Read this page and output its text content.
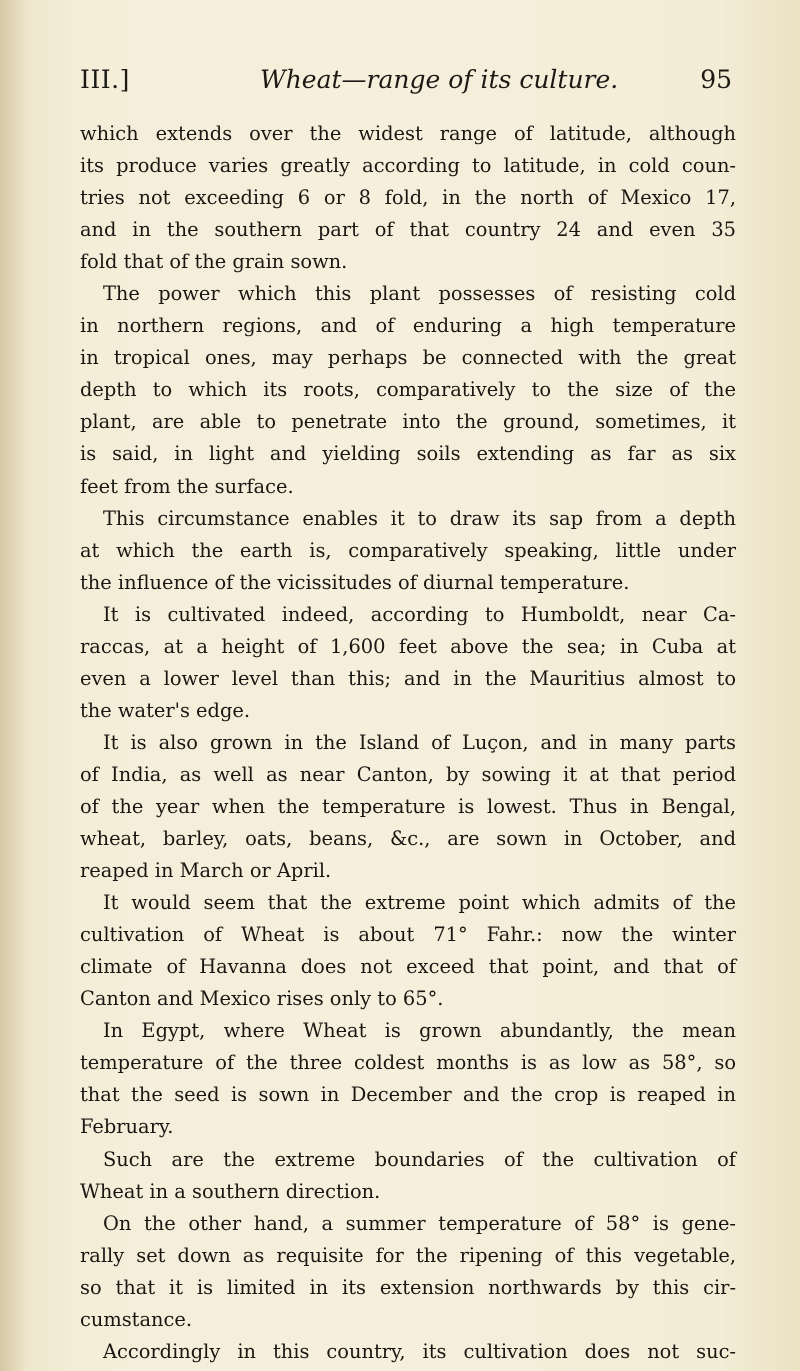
III.]	Wheat—range of its culture.	95
which extends over the widest range of latitude, although
its produce varies greatly according to latitude, in cold coun-
tries not exceeding 6 or 8 fold, in the north of Mexico 17,
and in the southern part of that country 24 and even 35
fold that of the grain sown.
The power which this plant possesses of resisting cold
in northern regions, and of enduring a high temperature
in tropical ones, may perhaps be connected with the great
depth to which its roots, comparatively to the size of the
plant, are able to penetrate into the ground, sometimes, it
is said, in light and yielding soils extending as far as six
feet from the surface.
This circumstance enables it to draw its sap from a depth
at which the earth is, comparatively speaking, little under
the influence of the vicissitudes of diurnal temperature.
It is cultivated indeed, according to Humboldt, near Ca-
raccas, at a height of 1,600 feet above the sea; in Cuba at
even a lower level than this; and in the Mauritius almost to
the water's edge.
It is also grown in the Island of Luçon, and in many parts
of India, as well as near Canton, by sowing it at that period
of the year when the temperature is lowest. Thus in Bengal,
wheat, barley, oats, beans, &c., are sown in October, and
reaped in March or April.
It would seem that the extreme point which admits of the
cultivation of Wheat is about 71° Fahr.: now the winter
climate of Havanna does not exceed that point, and that of
Canton and Mexico rises only to 65°.
In Egypt, where Wheat is grown abundantly, the mean
temperature of the three coldest months is as low as 58°, so
that the seed is sown in December and the crop is reaped in
February.
Such are the extreme boundaries of the cultivation of
Wheat in a southern direction.
On the other hand, a summer temperature of 58° is gene-
rally set down as requisite for the ripening of this vegetable,
so that it is limited in its extension northwards by this cir-
cumstance.
Accordingly in this country, its cultivation does not suc-
